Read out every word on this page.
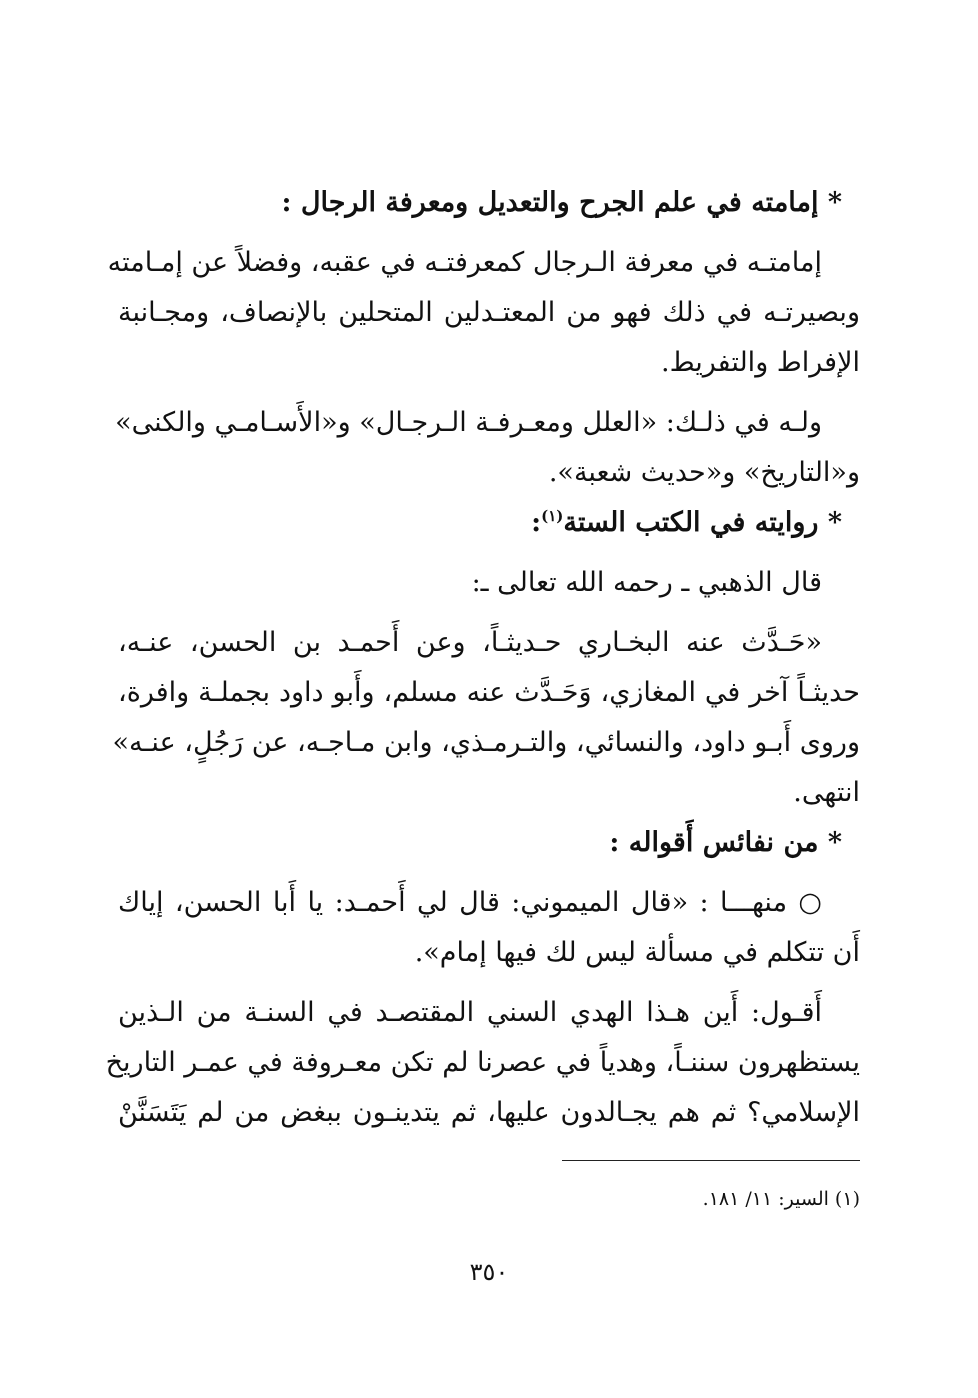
* إمامته في علم الجرح والتعديل ومعرفة الرجال :
إمامتـه في معرفة الـرجال كمعرفتـه في عقبه، وفضلاً عن إمـامته
وبصيرتـه في ذلك فهو من المعتـدلين المتحلين بالإنصاف، ومجـانبة
الإفراط والتفريط.
ولـه في ذلـك: «العلل ومعـرفـة الـرجـال» و«الأَسـامـي والكنى»
و«التاريخ» و«حديث شعبة».
* روايته في الكتب الستة$^{(١)}$:
قال الذهبي ـ رحمه الله تعالى ـ:
«حَـدَّث عنه البخـاري حـديثـاً، وعن أَحمـد بن الحسن، عنـه،
حديثـاً آخر في المغازي، وَحَـدَّث عنه مسلم، وأَبو داود بجملـة وافرة،
وروى أَبـو داود، والنسائي، والتـرمـذي، وابن مـاجـه، عن رَجُلٍ، عنـه»
انتهى.
* من نفائس أَقواله :
○ منهـــا : «قال الميموني: قال لي أَحمـد: يا أَبا الحسن، إياك
أَن تتكلم في مسألة ليس لك فيها إمام».
أَقـول: أَين هـذا الهدي السني المقتصـد في السنـة من الـذين
يستظهرون سننـاً، وهدياً في عصرنا لم تكن معـروفة في عمـر التاريخ
الإسلامي؟ ثم هم يجـالدون عليها، ثم يتدينـون ببغض من لم يَتَسَنَّنْ
(١) السير: ١١/ ١٨١.
٣٥٠
